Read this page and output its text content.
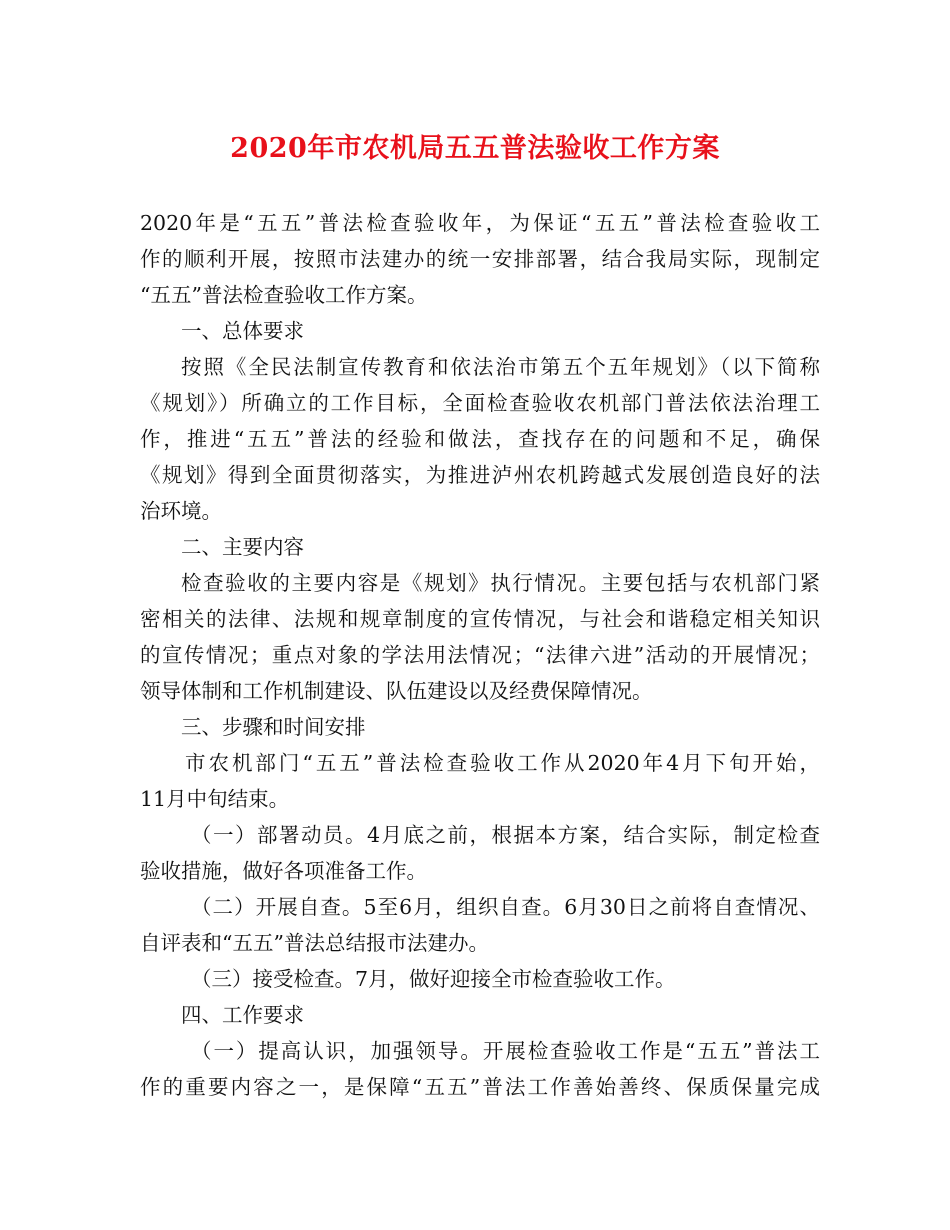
2020年市农机局五五普法验收工作方案
2020年是“五五”普法检查验收年，为保证“五五”普法检查验收工
作的顺利开展，按照市法建办的统一安排部署，结合我局实际，现制定
“五五”普法检查验收工作方案。
一、总体要求
按照《全民法制宣传教育和依法治市第五个五年规划》（以下简称
《规划》）所确立的工作目标，全面检查验收农机部门普法依法治理工
作，推进“五五”普法的经验和做法，查找存在的问题和不足，确保
《规划》得到全面贯彻落实，为推进泸州农机跨越式发展创造良好的法
治环境。
二、主要内容
检查验收的主要内容是《规划》执行情况。主要包括与农机部门紧
密相关的法律、法规和规章制度的宣传情况，与社会和谐稳定相关知识
的宣传情况；重点对象的学法用法情况；“法律六进”活动的开展情况；
领导体制和工作机制建设、队伍建设以及经费保障情况。
三、步骤和时间安排
市农机部门“五五”普法检查验收工作从2020年4月下旬开始，
11月中旬结束。
（一）部署动员。4月底之前，根据本方案，结合实际，制定检查
验收措施，做好各项准备工作。
（二）开展自查。5至6月，组织自查。6月30日之前将自查情况、
自评表和“五五”普法总结报市法建办。
（三）接受检查。7月，做好迎接全市检查验收工作。
四、工作要求
（一）提高认识，加强领导。开展检查验收工作是“五五”普法工
作的重要内容之一，是保障“五五”普法工作善始善终、保质保量完成
